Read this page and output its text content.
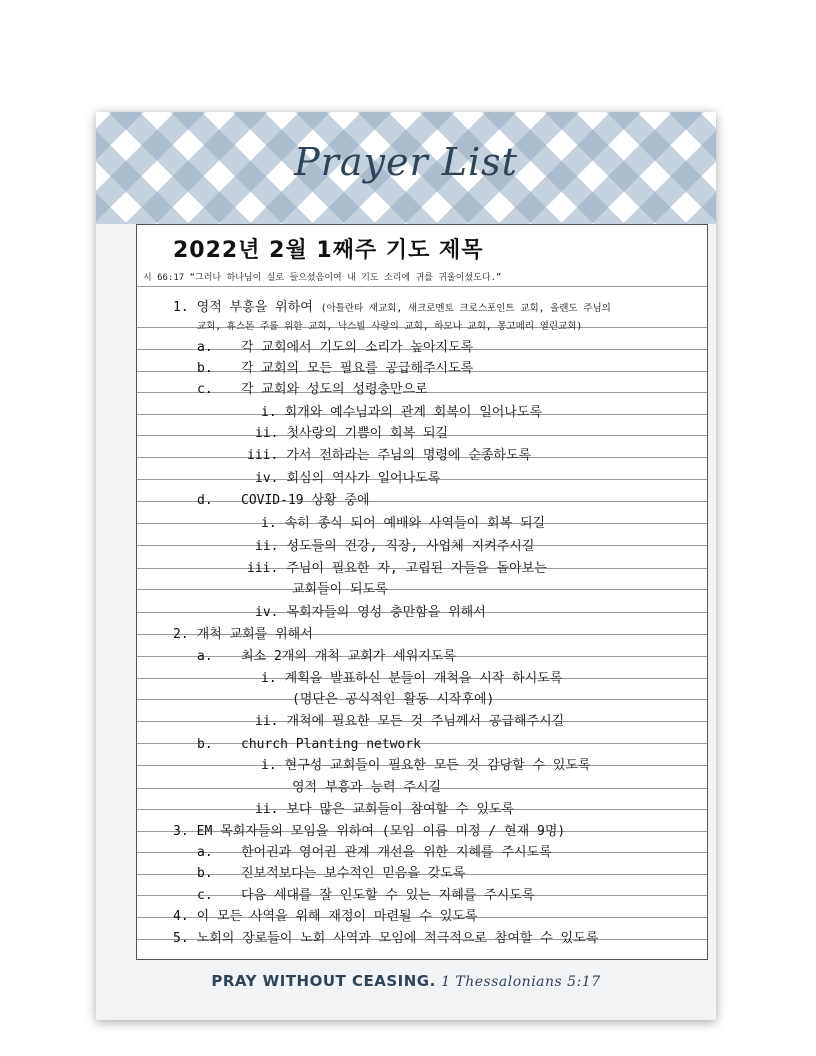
Prayer List
2022년 2월 1째주 기도 제목
시 66:17 “그러나 하나님이 실로 들으셨음이여 내 기도 소리에 귀를 귀울이셨도다.”
1. 영적 부흥을 위하여 (아틀란타 새교회, 새크로멘토 크로스포인트 교회, 올랜도 주님의
교회, 휴스톤 주를 위한 교회, 낙스빌 사랑의 교회, 하모나 교회, 몽고메리 열린교회)
a. 각 교회에서 기도의 소리가 높아지도록
b. 각 교회의 모든 필요를 공급해주시도록
c. 각 교회와 성도의 성령충만으로
i. 회개와 예수님과의 관계 회복이 일어나도록
ii. 첫사랑의 기쁨이 회복 되길
iii. 가서 전하라는 주님의 명령에 순종하도록
iv. 회심의 역사가 일어나도록
d. COVID-19 상황 중에
i. 속히 종식 되어 예배와 사역들이 회복 되길
ii. 성도들의 건강, 직장, 사업체 지켜주시길
iii. 주님이 필요한 자, 고립된 자들을 돌아보는
교회들이 되도록
iv. 목회자들의 영성 충만함을 위해서
2. 개척 교회를 위해서
a. 최소 2개의 개척 교회가 세워지도록
i. 계획을 발표하신 분들이 개척을 시작 하시도록
(명단은 공식적인 활동 시작후에)
ii. 개척에 필요한 모든 것 주님께서 공급해주시길
b. church Planting network
i. 현구성 교회들이 필요한 모든 것 감당할 수 있도록
영적 부흥과 능력 주시길
ii. 보다 많은 교회들이 참여할 수 있도록
3. EM 목회자들의 모임을 위하여 (모임 이름 미정 / 현재 9명)
a. 한어권과 영어권 관계 개선을 위한 지혜를 주시도록
b. 진보적보다는 보수적인 믿음을 갖도록
c. 다음 세대를 잘 인도할 수 있는 지혜를 주시도록
4. 이 모든 사역을 위해 재정이 마련될 수 있도록
5. 노회의 장로들이 노회 사역과 모임에 적극적으로 참여할 수 있도록
PRAY WITHOUT CEASING. 1 Thessalonians 5:17
